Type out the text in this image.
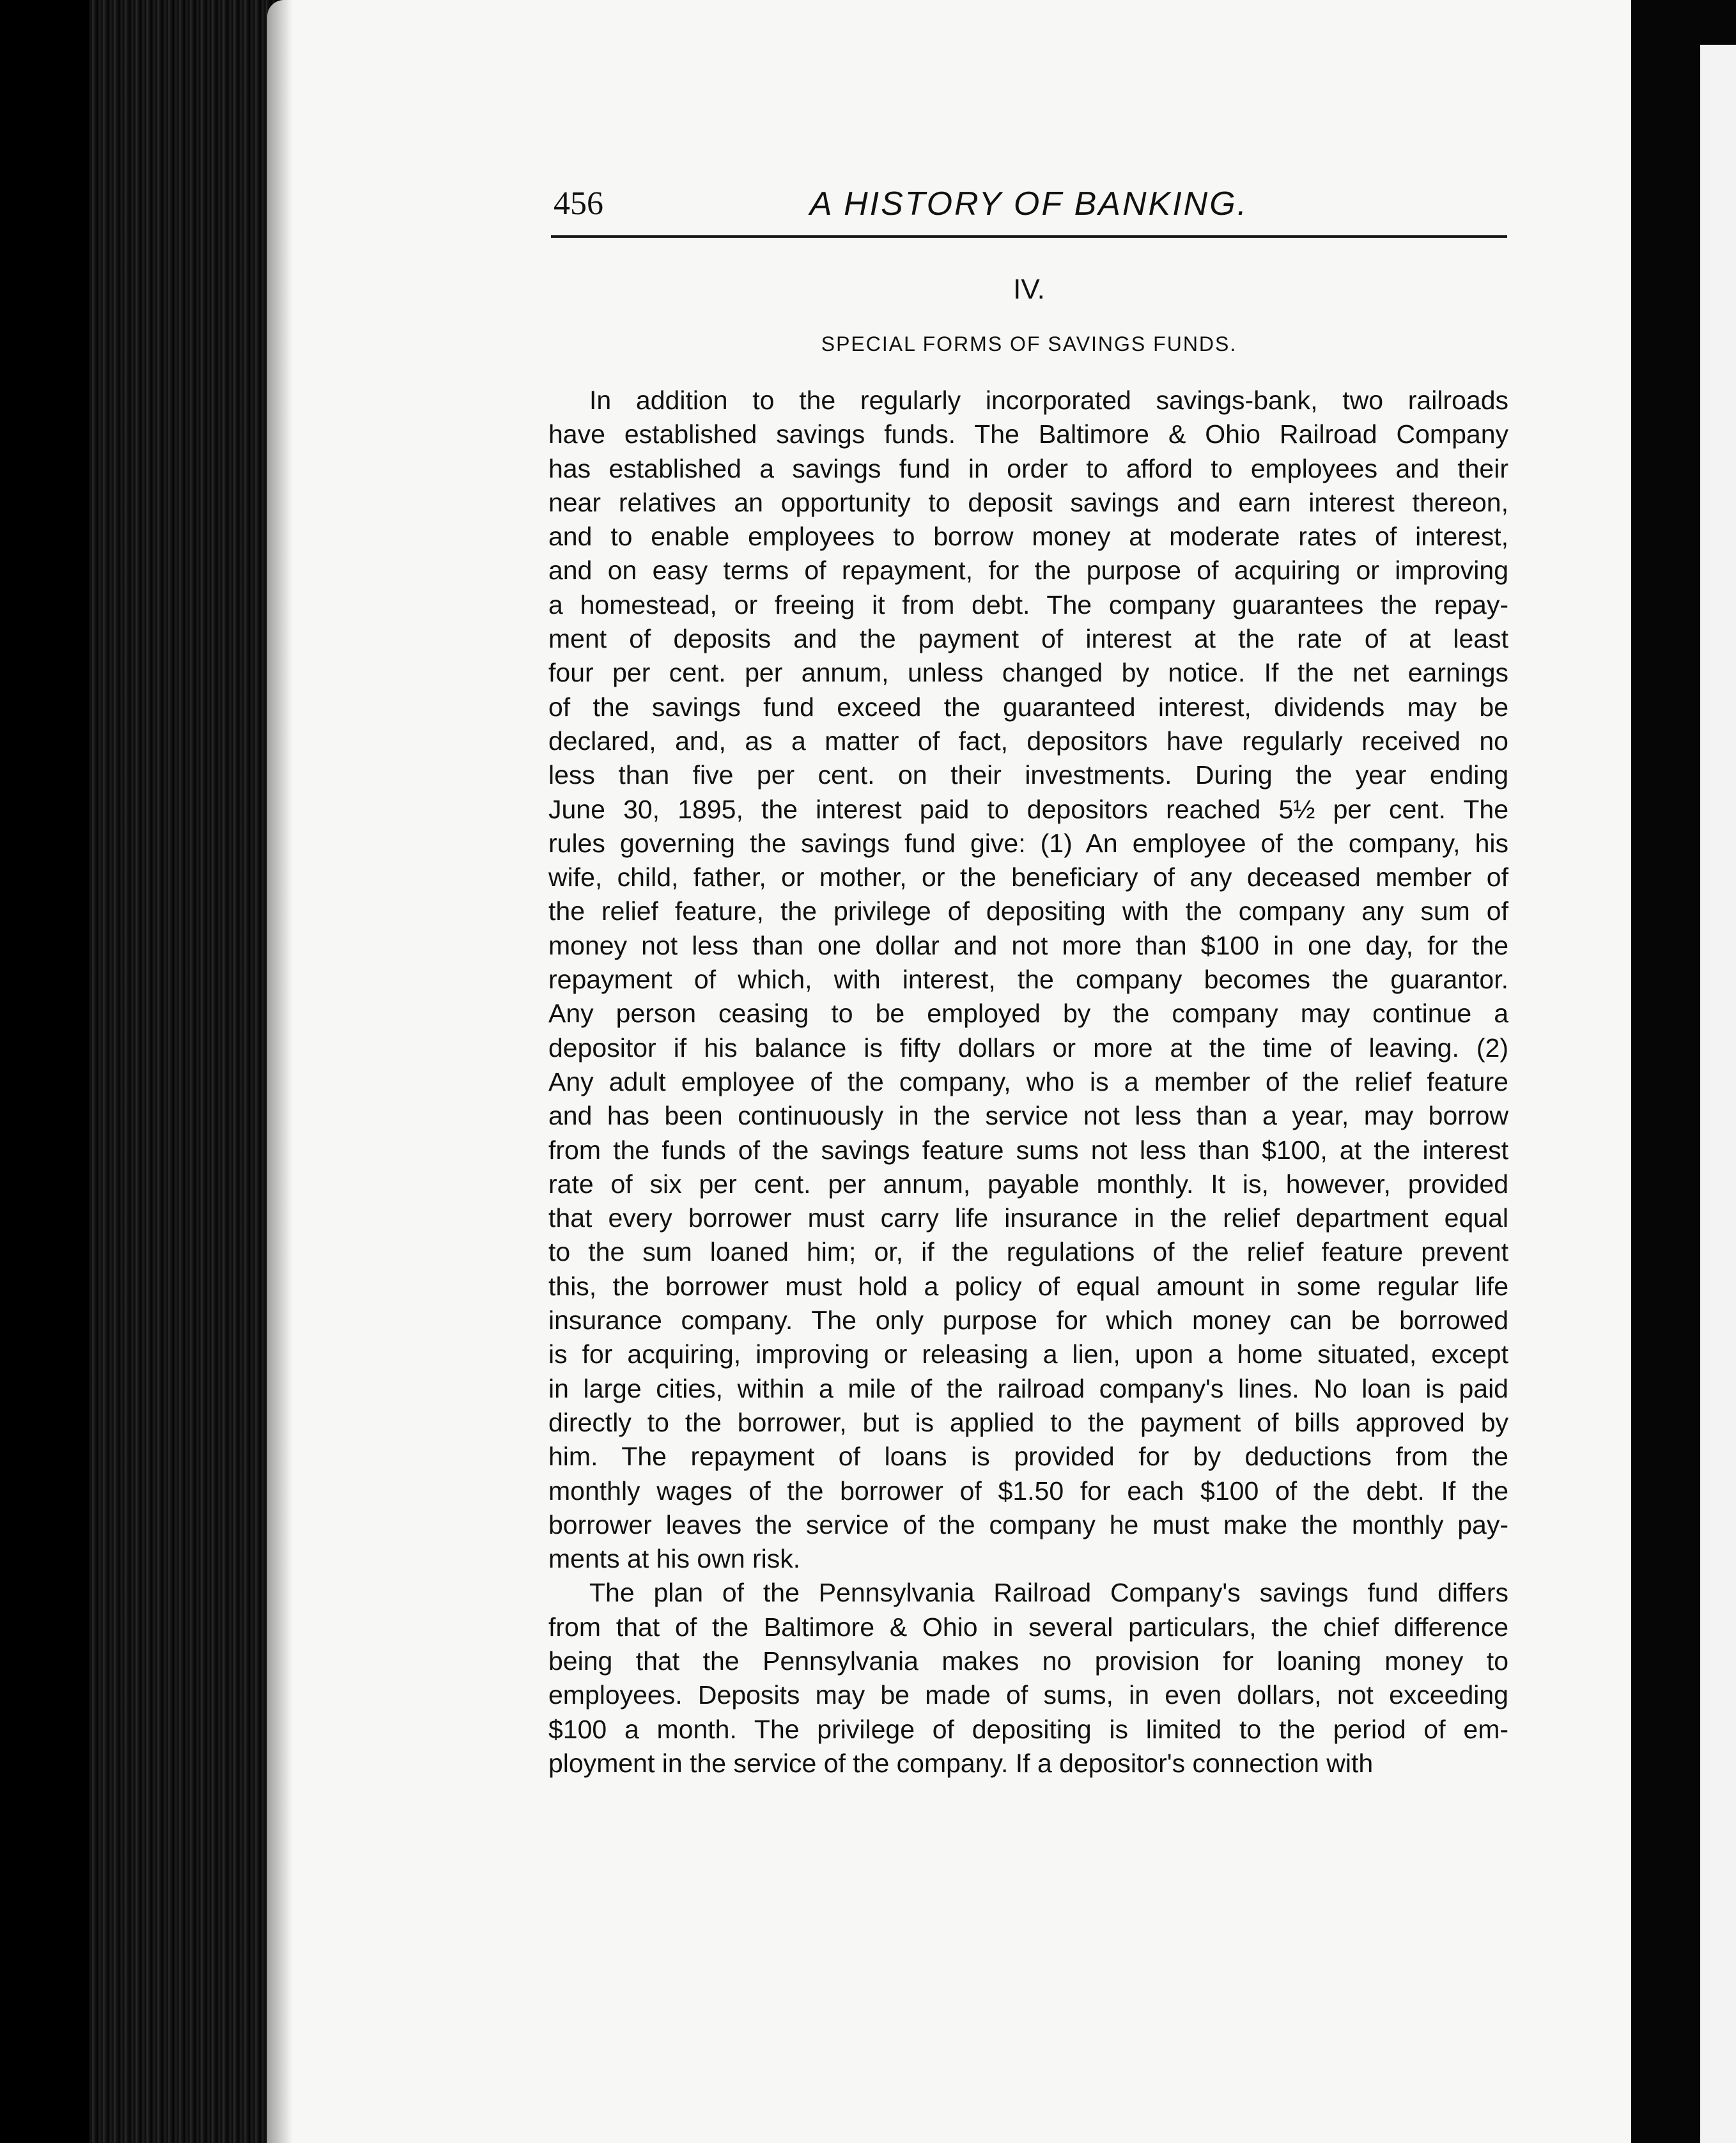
456	A HISTORY OF BANKING.
IV.
SPECIAL FORMS OF SAVINGS FUNDS.
In addition to the regularly incorporated savings-bank, two railroads
have established savings funds. The Baltimore & Ohio Railroad Company
has established a savings fund in order to afford to employees and their
near relatives an opportunity to deposit savings and earn interest thereon,
and to enable employees to borrow money at moderate rates of interest,
and on easy terms of repayment, for the purpose of acquiring or improving
a homestead, or freeing it from debt. The company guarantees the repay-
ment of deposits and the payment of interest at the rate of at least
four per cent. per annum, unless changed by notice. If the net earnings
of the savings fund exceed the guaranteed interest, dividends may be
declared, and, as a matter of fact, depositors have regularly received no
less than five per cent. on their investments. During the year ending
June 30, 1895, the interest paid to depositors reached 5½ per cent. The
rules governing the savings fund give: (1) An employee of the company, his
wife, child, father, or mother, or the beneficiary of any deceased member of
the relief feature, the privilege of depositing with the company any sum of
money not less than one dollar and not more than $100 in one day, for the
repayment of which, with interest, the company becomes the guarantor.
Any person ceasing to be employed by the company may continue a
depositor if his balance is fifty dollars or more at the time of leaving. (2)
Any adult employee of the company, who is a member of the relief feature
and has been continuously in the service not less than a year, may borrow
from the funds of the savings feature sums not less than $100, at the interest
rate of six per cent. per annum, payable monthly. It is, however, provided
that every borrower must carry life insurance in the relief department equal
to the sum loaned him; or, if the regulations of the relief feature prevent
this, the borrower must hold a policy of equal amount in some regular life
insurance company. The only purpose for which money can be borrowed
is for acquiring, improving or releasing a lien, upon a home situated, except
in large cities, within a mile of the railroad company's lines. No loan is paid
directly to the borrower, but is applied to the payment of bills approved by
him. The repayment of loans is provided for by deductions from the
monthly wages of the borrower of $1.50 for each $100 of the debt. If the
borrower leaves the service of the company he must make the monthly pay-
ments at his own risk.
The plan of the Pennsylvania Railroad Company's savings fund differs
from that of the Baltimore & Ohio in several particulars, the chief difference
being that the Pennsylvania makes no provision for loaning money to
employees. Deposits may be made of sums, in even dollars, not exceeding
$100 a month. The privilege of depositing is limited to the period of em-
ployment in the service of the company. If a depositor's connection with
